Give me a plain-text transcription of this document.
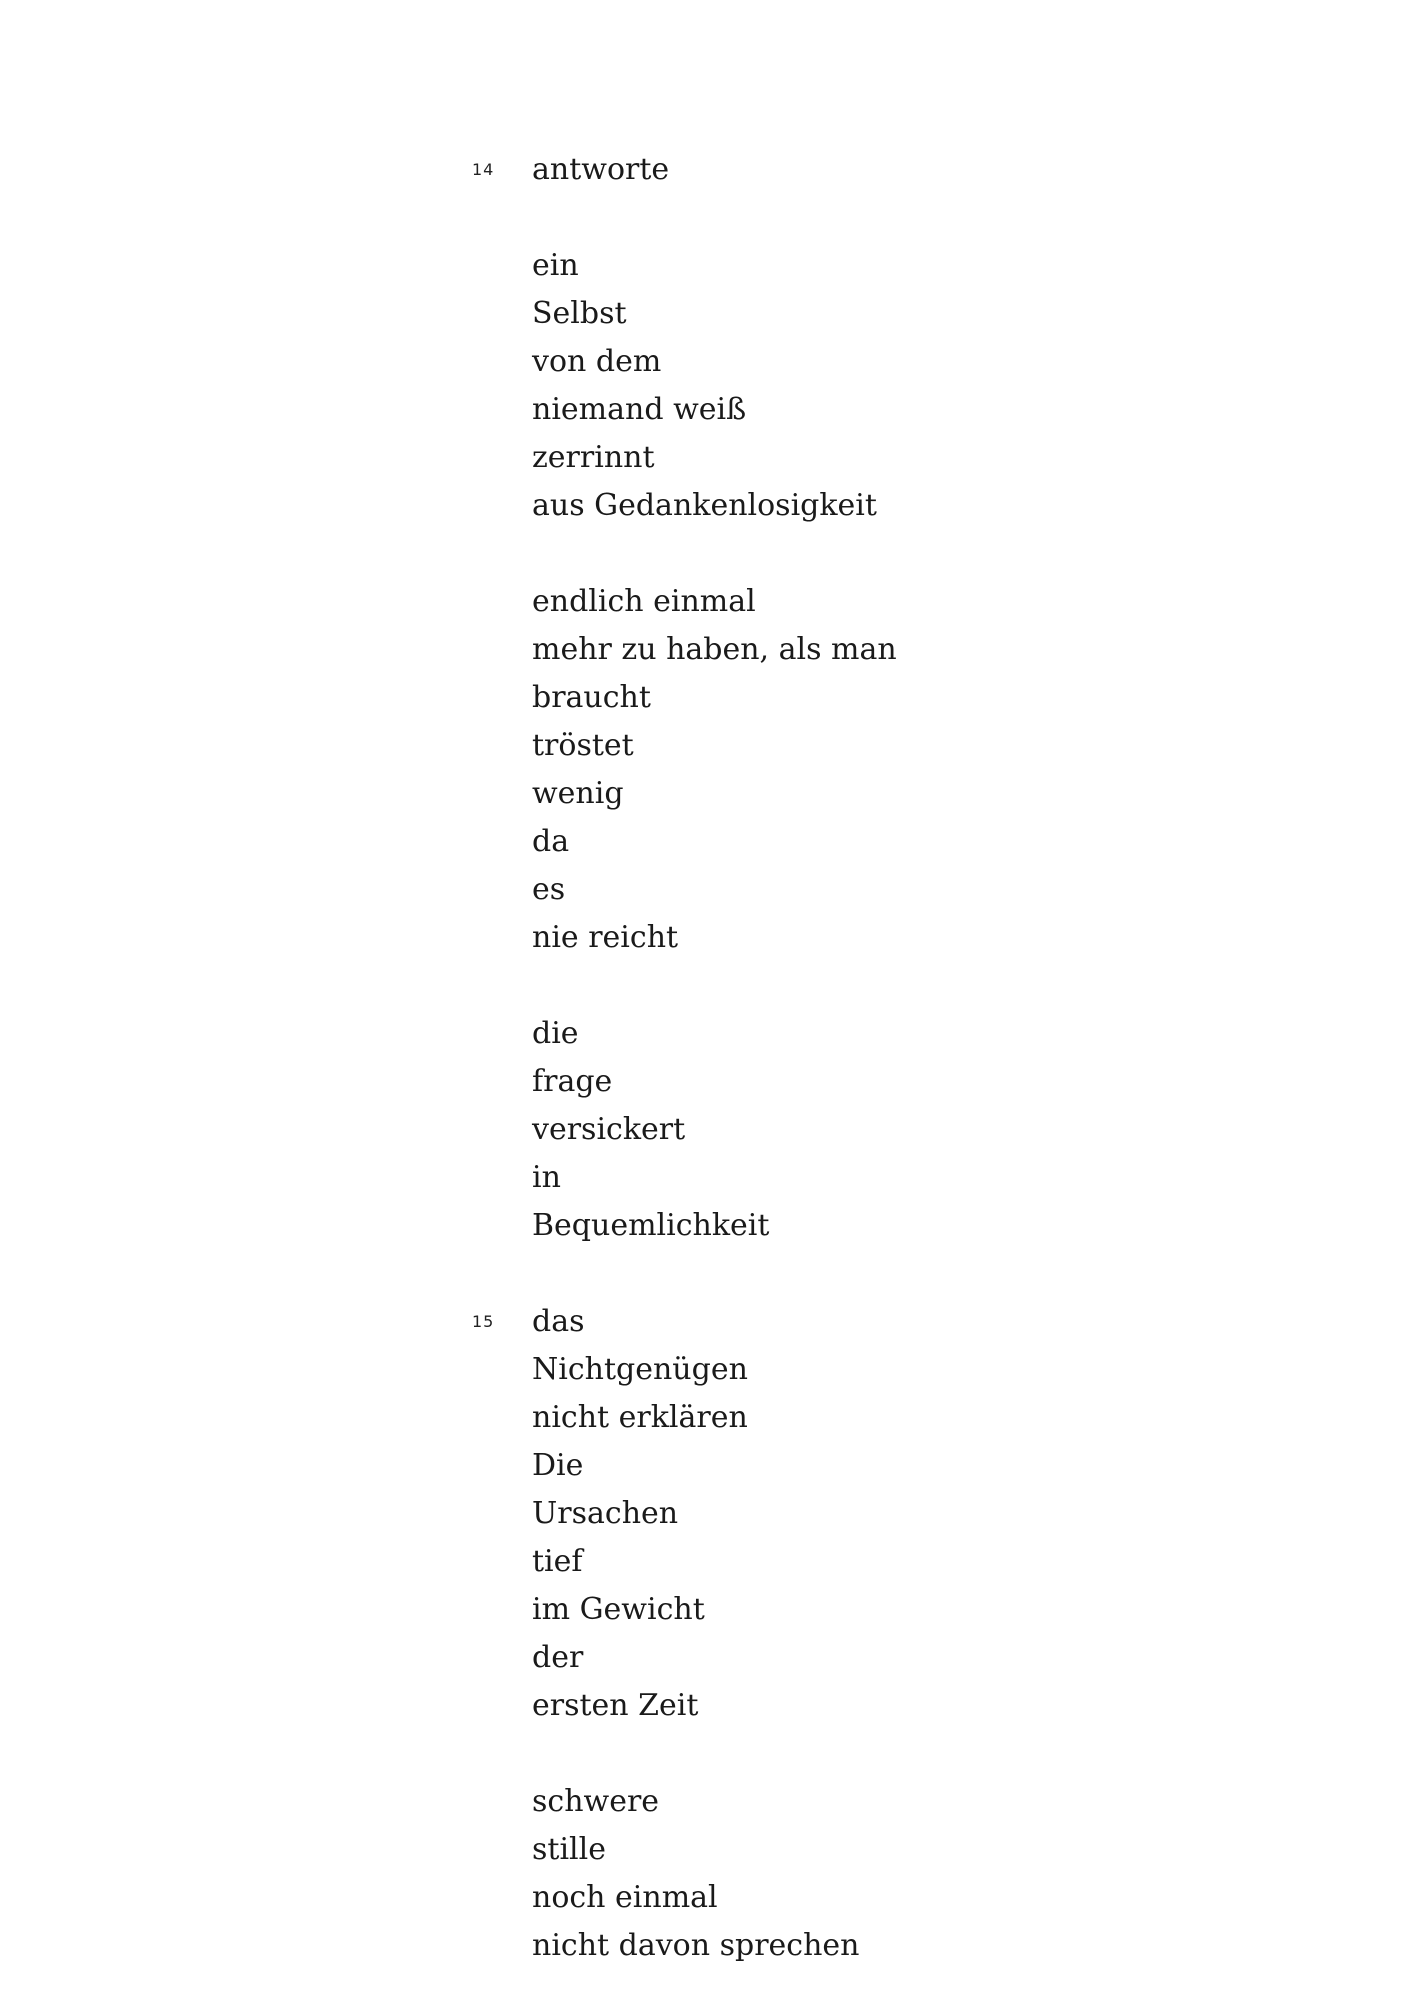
14 antworte
ein
Selbst
von dem
niemand weiß
zerrinnt
aus Gedankenlosigkeit
endlich einmal
mehr zu haben, als man
braucht
tröstet
wenig
da
es
nie reicht
die
frage
versickert
in
Bequemlichkeit
15 das
Nichtgenügen
nicht erklären
Die
Ursachen
tief
im Gewicht
der
ersten Zeit
schwere
stille
noch einmal
nicht davon sprechen
